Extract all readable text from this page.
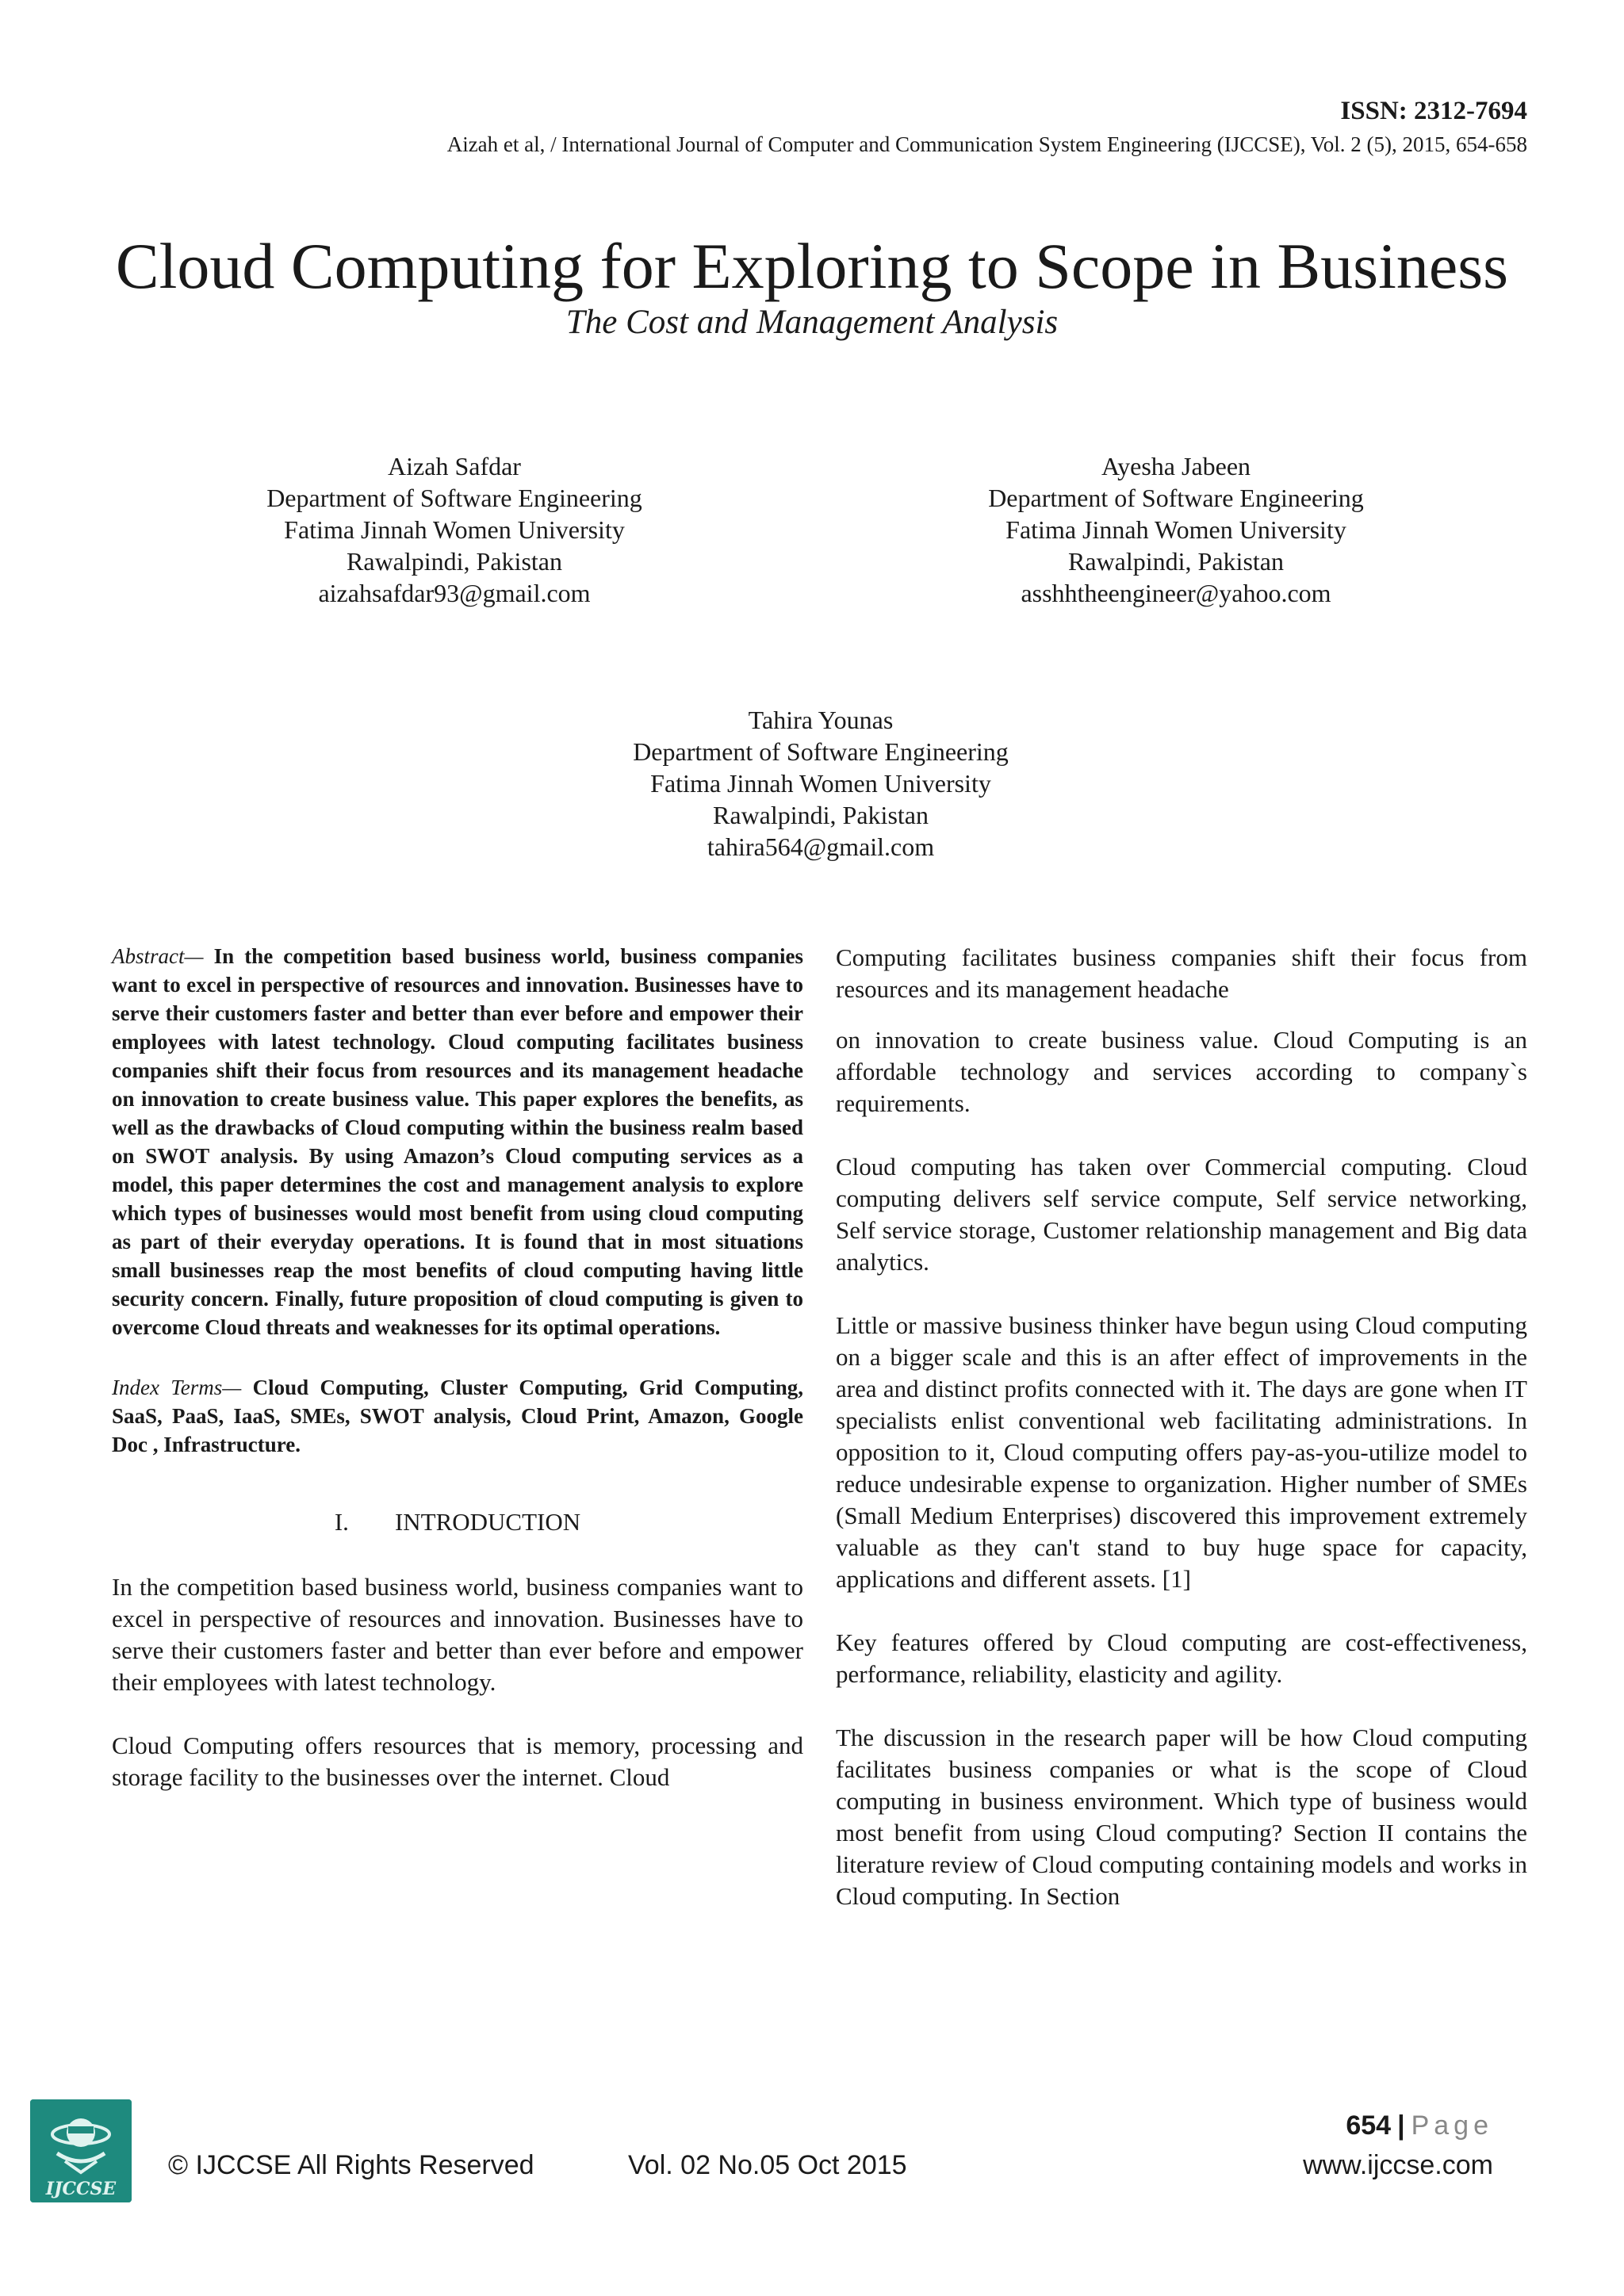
ISSN: 2312-7694
Aizah et al, / International Journal of Computer and Communication System Engineering (IJCCSE), Vol. 2 (5), 2015, 654-658
Cloud Computing for Exploring to Scope in Business
The Cost and Management Analysis
Aizah Safdar
Department of Software Engineering
Fatima Jinnah Women University
Rawalpindi, Pakistan
aizahsafdar93@gmail.com
Ayesha Jabeen
Department of Software Engineering
Fatima Jinnah Women University
Rawalpindi, Pakistan
asshhtheengineer@yahoo.com
Tahira Younas
Department of Software Engineering
Fatima Jinnah Women University
Rawalpindi, Pakistan
tahira564@gmail.com

Abstract— In the competition based business world, business companies want to excel in perspective of resources and innovation. Businesses have to serve their customers faster and better than ever before and empower their employees with latest technology. Cloud computing facilitates business companies shift their focus from resources and its management headache on innovation to create business value. This paper explores the benefits, as well as the drawbacks of Cloud computing within the business realm based on SWOT analysis. By using Amazon’s Cloud computing services as a model, this paper determines the cost and management analysis to explore which types of businesses would most benefit from using cloud computing as part of their everyday operations. It is found that in most situations small businesses reap the most benefits of cloud computing having little security concern. Finally, future proposition of cloud computing is given to overcome Cloud threats and weaknesses for its optimal operations.

Index Terms— Cloud Computing, Cluster Computing, Grid Computing, SaaS, PaaS, IaaS, SMEs, SWOT analysis, Cloud Print, Amazon, Google Doc , Infrastructure.

I. INTRODUCTION

In the competition based business world, business companies want to excel in perspective of resources and innovation. Businesses have to serve their customers faster and better than ever before and empower their employees with latest technology.

Cloud Computing offers resources that is memory, processing and storage facility to the businesses over the internet. Cloud

Computing facilitates business companies shift their focus from resources and its management headache

on innovation to create business value. Cloud Computing is an affordable technology and services according to company`s requirements.

Cloud computing has taken over Commercial computing. Cloud computing delivers self service compute, Self service networking, Self service storage, Customer relationship management and Big data analytics.

Little or massive business thinker have begun using Cloud computing on a bigger scale and this is an after effect of improvements in the area and distinct profits connected with it. The days are gone when IT specialists enlist conventional web facilitating administrations. In opposition to it, Cloud computing offers pay-as-you-utilize model to reduce undesirable expense to organization. Higher number of SMEs (Small Medium Enterprises) discovered this improvement extremely valuable as they can't stand to buy huge space for capacity, applications and different assets. [1]

Key features offered by Cloud computing are cost-effectiveness, performance, reliability, elasticity and agility.

The discussion in the research paper will be how Cloud computing facilitates business companies or what is the scope of Cloud computing in business environment. Which type of business would most benefit from using Cloud computing? Section II contains the literature review of Cloud computing containing models and works in Cloud computing. In Section

IJCCSE
© IJCCSE All Rights Reserved	Vol. 02 No.05 Oct 2015
654 | Page
www.ijccse.com
